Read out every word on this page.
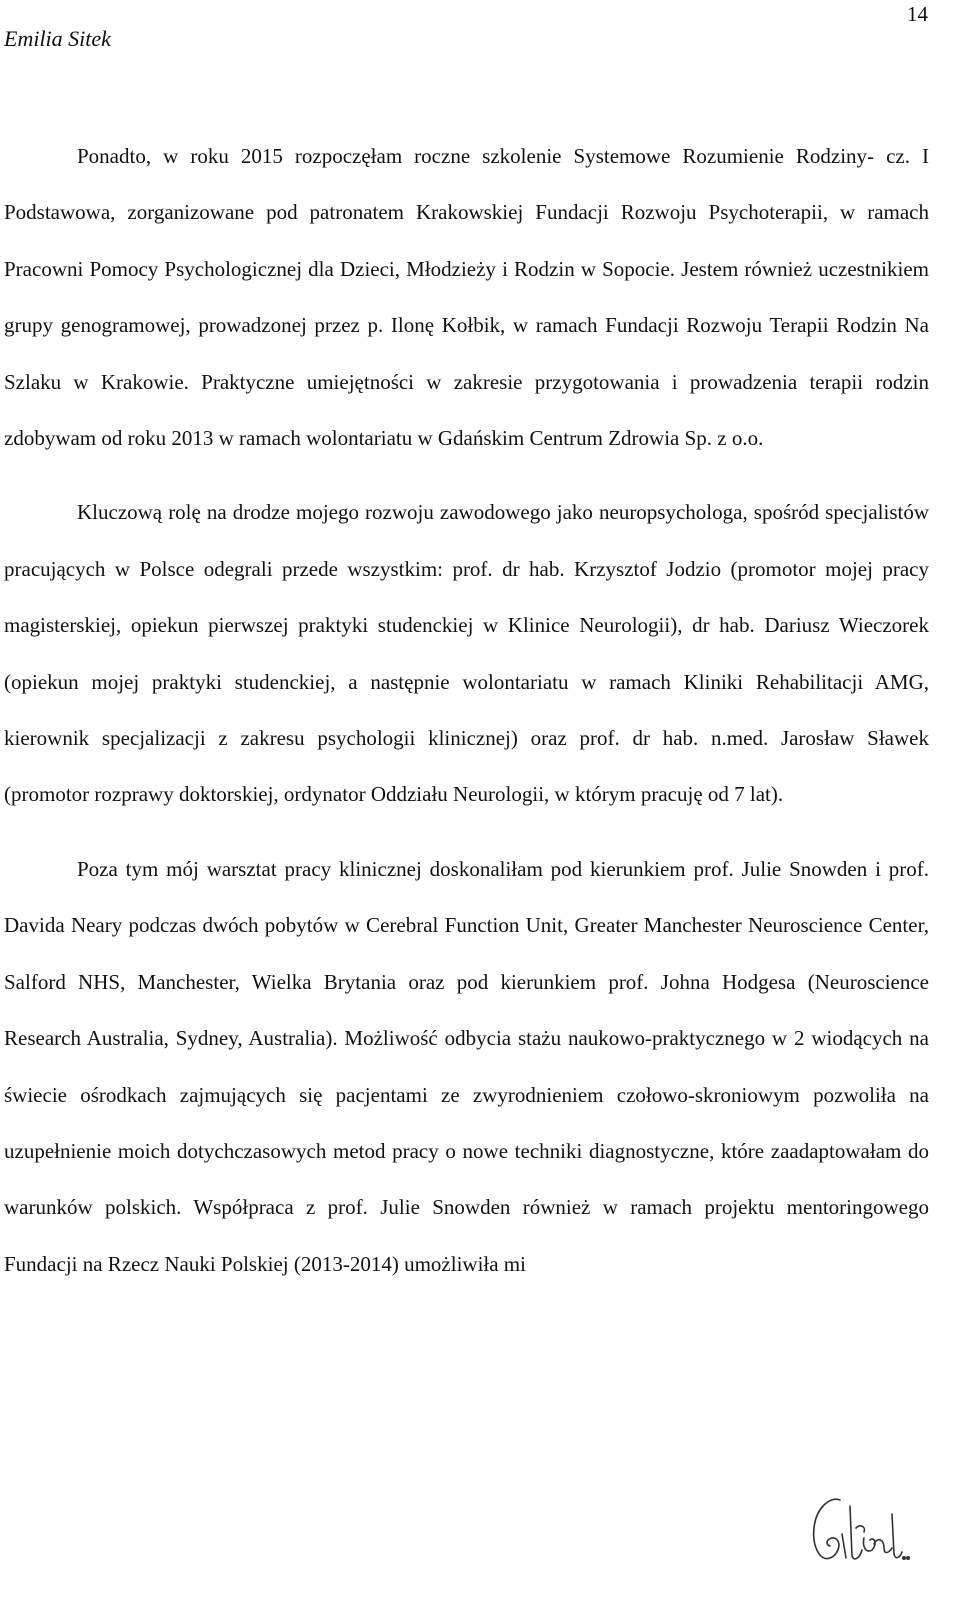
14
Emilia Sitek

Ponadto, w roku 2015 rozpoczęłam roczne szkolenie Systemowe Rozumienie Rodziny- cz. I Podstawowa, zorganizowane pod patronatem Krakowskiej Fundacji Rozwoju Psychoterapii, w ramach Pracowni Pomocy Psychologicznej dla Dzieci, Młodzieży i Rodzin w Sopocie. Jestem również uczestnikiem grupy genogramowej, prowadzonej przez p. Ilonę Kołbik, w ramach Fundacji Rozwoju Terapii Rodzin Na Szlaku w Krakowie. Praktyczne umiejętności w zakresie przygotowania i prowadzenia terapii rodzin zdobywam od roku 2013 w ramach wolontariatu w Gdańskim Centrum Zdrowia Sp. z o.o.

Kluczową rolę na drodze mojego rozwoju zawodowego jako neuropsychologa, spośród specjalistów pracujących w Polsce odegrali przede wszystkim: prof. dr hab. Krzysztof Jodzio (promotor mojej pracy magisterskiej, opiekun pierwszej praktyki studenckiej w Klinice Neurologii), dr hab. Dariusz Wieczorek (opiekun mojej praktyki studenckiej, a następnie wolontariatu w ramach Kliniki Rehabilitacji AMG, kierownik specjalizacji z zakresu psychologii klinicznej) oraz prof. dr hab. n.med. Jarosław Sławek (promotor rozprawy doktorskiej, ordynator Oddziału Neurologii, w którym pracuję od 7 lat).

Poza tym mój warsztat pracy klinicznej doskonaliłam pod kierunkiem prof. Julie Snowden i prof. Davida Neary podczas dwóch pobytów w Cerebral Function Unit, Greater Manchester Neuroscience Center, Salford NHS, Manchester, Wielka Brytania oraz pod kierunkiem prof. Johna Hodgesa (Neuroscience Research Australia, Sydney, Australia). Możliwość odbycia stażu naukowo-praktycznego w 2 wiodących na świecie ośrodkach zajmujących się pacjentami ze zwyrodnieniem czołowo-skroniowym pozwoliła na uzupełnienie moich dotychczasowych metod pracy o nowe techniki diagnostyczne, które zaadaptowałam do warunków polskich. Współpraca z prof. Julie Snowden również w ramach projektu mentoringowego Fundacji na Rzecz Nauki Polskiej (2013-2014) umożliwiła mi
